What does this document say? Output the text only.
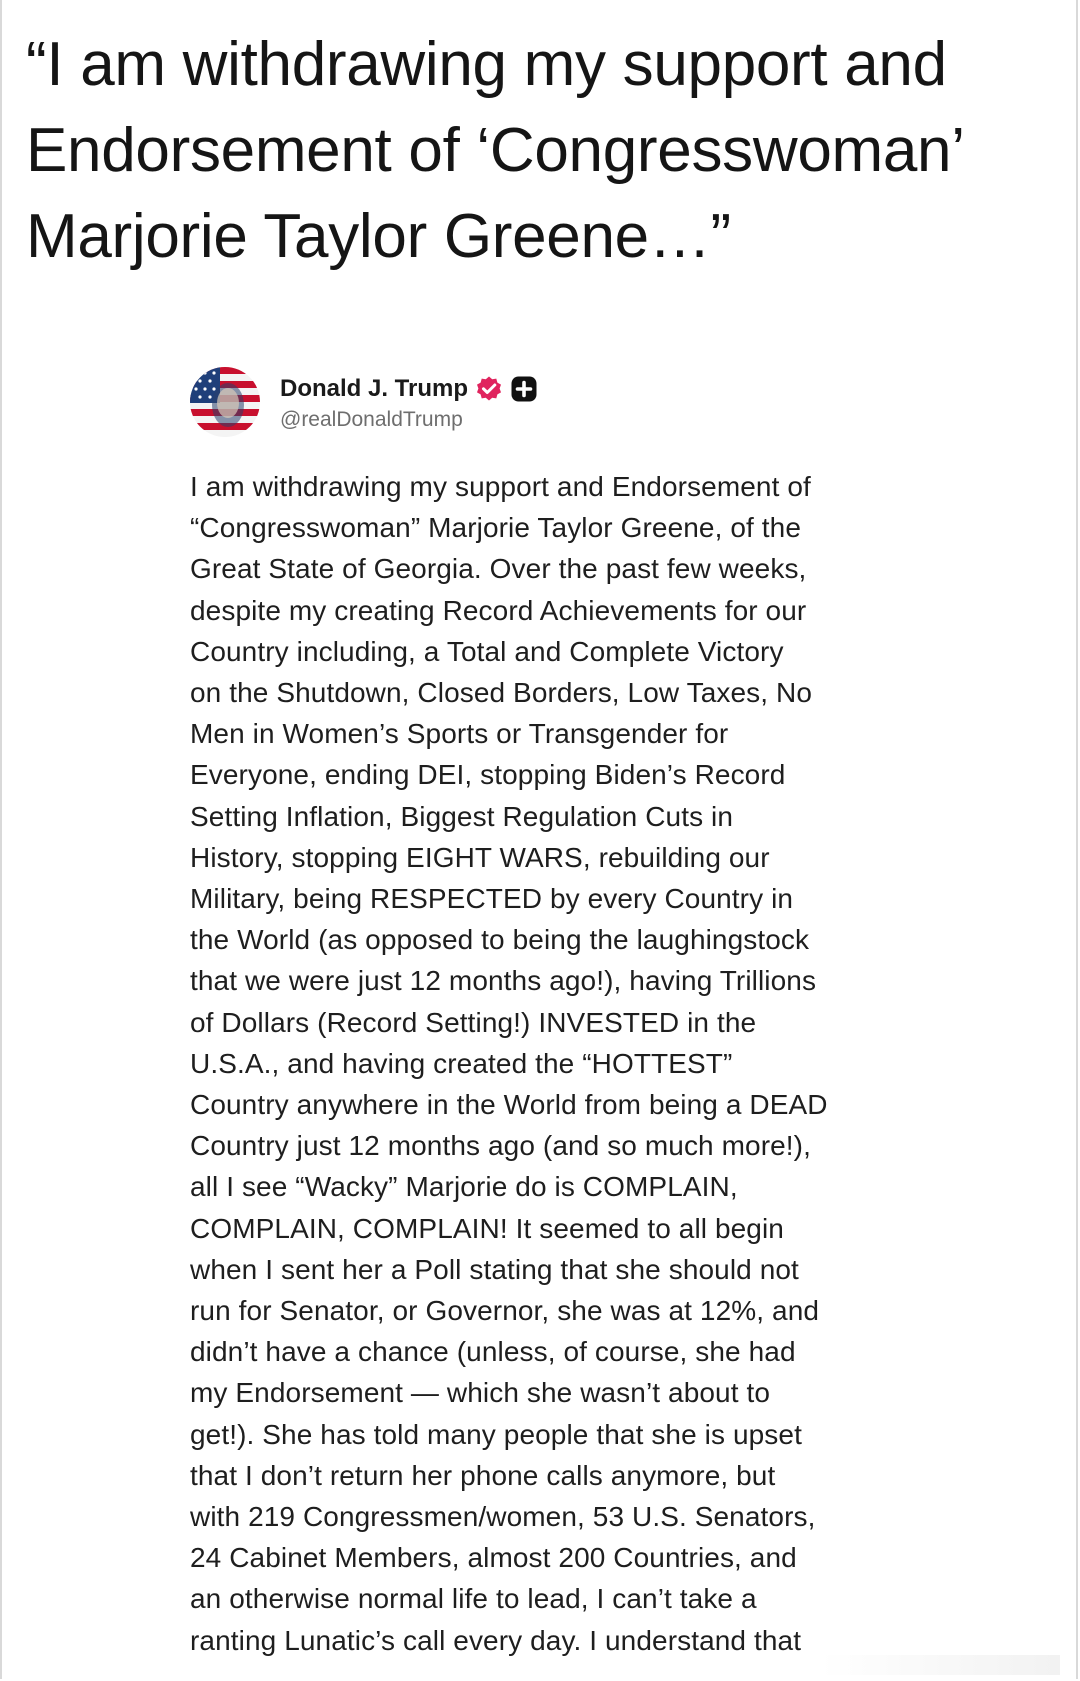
“I am withdrawing my support and
Endorsement of ‘Congresswoman’
Marjorie Taylor Greene…”
Donald J. Trump
@realDonaldTrump
I am withdrawing my support and Endorsement of
“Congresswoman” Marjorie Taylor Greene, of the
Great State of Georgia. Over the past few weeks,
despite my creating Record Achievements for our
Country including, a Total and Complete Victory
on the Shutdown, Closed Borders, Low Taxes, No
Men in Women’s Sports or Transgender for
Everyone, ending DEI, stopping Biden’s Record
Setting Inflation, Biggest Regulation Cuts in
History, stopping EIGHT WARS, rebuilding our
Military, being RESPECTED by every Country in
the World (as opposed to being the laughingstock
that we were just 12 months ago!), having Trillions
of Dollars (Record Setting!) INVESTED in the
U.S.A., and having created the “HOTTEST”
Country anywhere in the World from being a DEAD
Country just 12 months ago (and so much more!),
all I see “Wacky” Marjorie do is COMPLAIN,
COMPLAIN, COMPLAIN! It seemed to all begin
when I sent her a Poll stating that she should not
run for Senator, or Governor, she was at 12%, and
didn’t have a chance (unless, of course, she had
my Endorsement — which she wasn’t about to
get!). She has told many people that she is upset
that I don’t return her phone calls anymore, but
with 219 Congressmen/women, 53 U.S. Senators,
24 Cabinet Members, almost 200 Countries, and
an otherwise normal life to lead, I can’t take a
ranting Lunatic’s call every day. I understand that
